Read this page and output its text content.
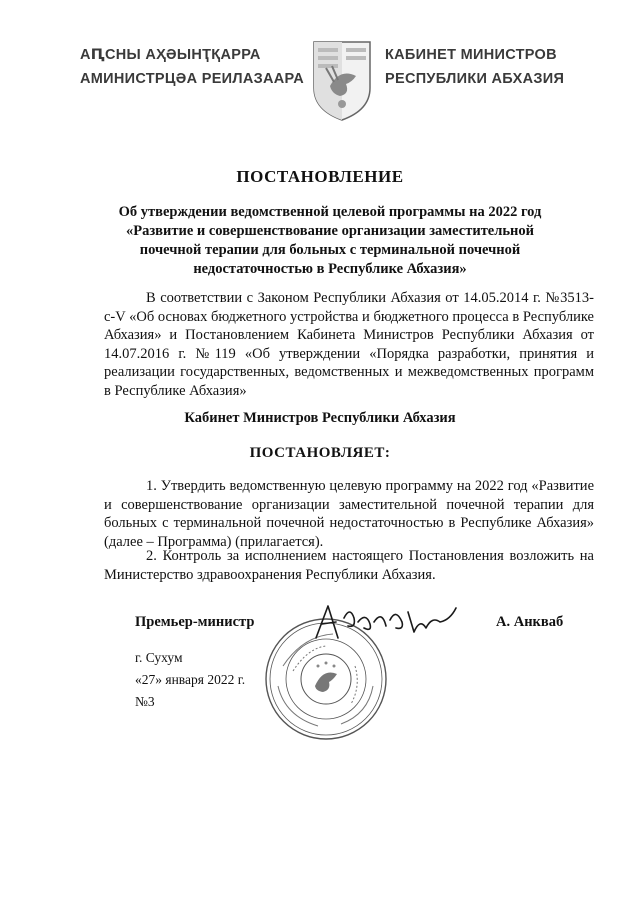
АԤСНЫ АҲӘЫНҬҚАРРА
АМИНИСТРЦӘА РЕИЛАЗААРА
КАБИНЕТ МИНИСТРОВ
РЕСПУБЛИКИ АБХАЗИЯ
ПОСТАНОВЛЕНИЕ
Об утверждении ведомственной целевой программы на 2022 год «Развитие и совершенствование организации заместительной почечной терапии для больных с терминальной почечной недостаточностью в Республике Абхазия»
В соответствии с Законом Республики Абхазия от 14.05.2014 г. №3513-с-V «Об основах бюджетного устройства и бюджетного процесса в Республике Абхазия» и Постановлением Кабинета Министров Республики Абхазия от 14.07.2016 г. №119 «Об утверждении «Порядка разработки, принятия и реализации государственных, ведомственных и межведомственных программ в Республике Абхазия»
Кабинет Министров Республики Абхазия
ПОСТАНОВЛЯЕТ:
1. Утвердить ведомственную целевую программу на 2022 год «Развитие и совершенствование организации заместительной почечной терапии для больных с терминальной почечной недостаточностью в Республике Абхазия» (далее – Программа) (прилагается).
2. Контроль за исполнением настоящего Постановления возложить на Министерство здравоохранения Республики Абхазия.
Премьер-министр	А. Анкваб
г. Сухум
«27» января 2022 г.
№3
